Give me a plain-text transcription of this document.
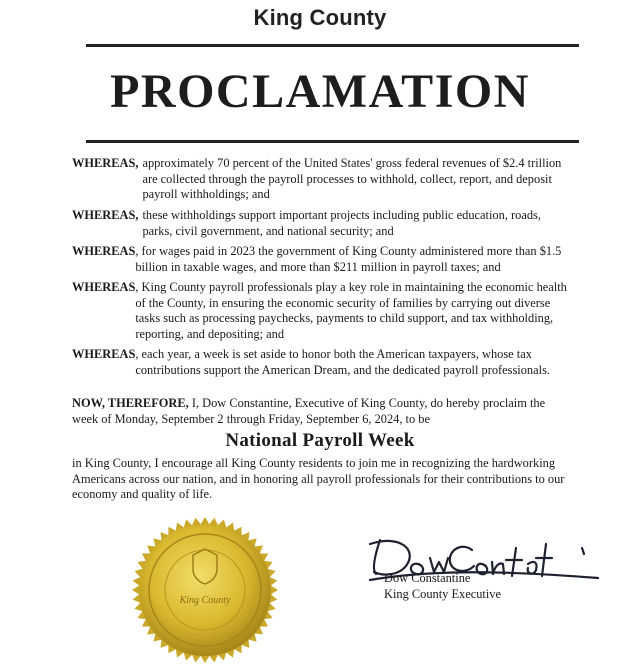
King County
PROCLAMATION
WHEREAS, approximately 70 percent of the United States' gross federal revenues of $2.4 trillion are collected through the payroll processes to withhold, collect, report, and deposit payroll withholdings; and
WHEREAS, these withholdings support important projects including public education, roads, parks, civil government, and national security; and
WHEREAS , for wages paid in 2023 the government of King County administered more than $1.5 billion in taxable wages, and more than $211 million in payroll taxes; and
WHEREAS , King County payroll professionals play a key role in maintaining the economic health of the County, in ensuring the economic security of families by carrying out diverse tasks such as processing paychecks, payments to child support, and tax withholding, reporting, and depositing; and
WHEREAS , each year, a week is set aside to honor both the American taxpayers, whose tax contributions support the American Dream, and the dedicated payroll professionals.
NOW, THEREFORE, I, Dow Constantine, Executive of King County, do hereby proclaim the week of Monday, September 2 through Friday, September 6, 2024, to be
National Payroll Week
in King County, I encourage all King County residents to join me in recognizing the hardworking Americans across our nation, and in honoring all payroll professionals for their contributions to our economy and quality of life.
King County
Dow Constantine
King County Executive
